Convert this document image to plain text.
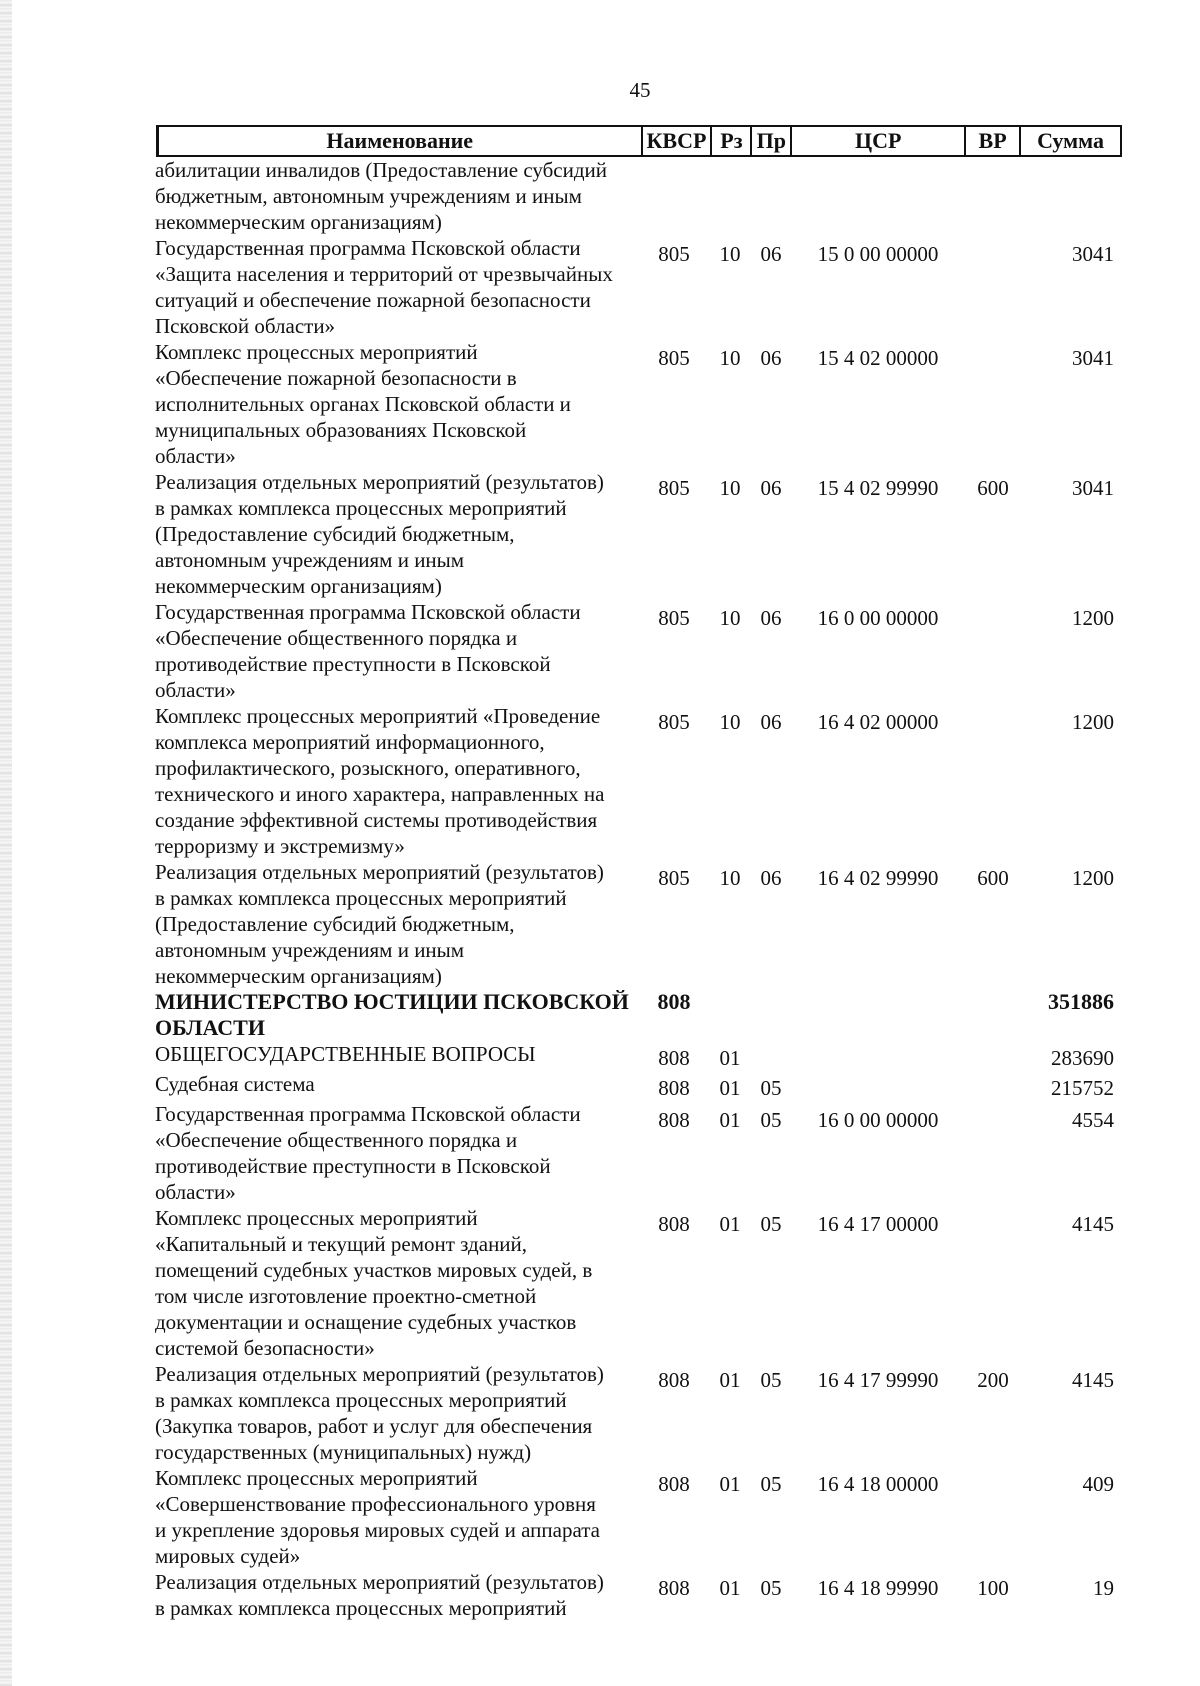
45
Наименование	КВСР Рз Пр	ЦСР	ВР	Сумма
абилитации инвалидов (Предоставление субсидий
бюджетным, автономным учреждениям и иным
некоммерческим организациям)
Государственная программа Псковской области
«Защита населения и территорий от чрезвычайных
ситуаций и обеспечение пожарной безопасности
Псковской области»
805	10 06	15 0 00 00000	3041
Комплекс процессных мероприятий
«Обеспечение пожарной безопасности в
исполнительных органах Псковской области и
муниципальных образованиях Псковской
области»
805	10 06	15 4 02 00000	3041
Реализация отдельных мероприятий (результатов)
в рамках комплекса процессных мероприятий
(Предоставление субсидий бюджетным,
автономным учреждениям и иным
некоммерческим организациям)
805	10 06	15 4 02 99990	600	3041
Государственная программа Псковской области
«Обеспечение общественного порядка и
противодействие преступности в Псковской
области»
805	10 06	16 0 00 00000	1200
Комплекс процессных мероприятий «Проведение
комплекса мероприятий информационного,
профилактического, розыскного, оперативного,
технического и иного характера, направленных на
создание эффективной системы противодействия
терроризму и экстремизму»
805	10 06	16 4 02 00000	1200
Реализация отдельных мероприятий (результатов)
в рамках комплекса процессных мероприятий
(Предоставление субсидий бюджетным,
автономным учреждениям и иным
некоммерческим организациям)
805	10 06	16 4 02 99990	600	1200
МИНИСТЕРСТВО ЮСТИЦИИ ПСКОВСКОЙ
ОБЛАСТИ
808	351886
ОБЩЕГОСУДАРСТВЕННЫЕ ВОПРОСЫ	808	01	283690
Судебная система	808	01 05	215752
Государственная программа Псковской области
«Обеспечение общественного порядка и
противодействие преступности в Псковской
области»
808	01 05	16 0 00 00000	4554
Комплекс процессных мероприятий
«Капитальный и текущий ремонт зданий,
помещений судебных участков мировых судей, в
том числе изготовление проектно-сметной
документации и оснащение судебных участков
системой безопасности»
808	01 05	16 4 17 00000	4145
Реализация отдельных мероприятий (результатов)
в рамках комплекса процессных мероприятий
(Закупка товаров, работ и услуг для обеспечения
государственных (муниципальных) нужд)
808	01 05	16 4 17 99990	200	4145
Комплекс процессных мероприятий
«Совершенствование профессионального уровня
и укрепление здоровья мировых судей и аппарата
мировых судей»
808	01 05	16 4 18 00000	409
Реализация отдельных мероприятий (результатов)
в рамках комплекса процессных мероприятий
808	01 05	16 4 18 99990	100	19
